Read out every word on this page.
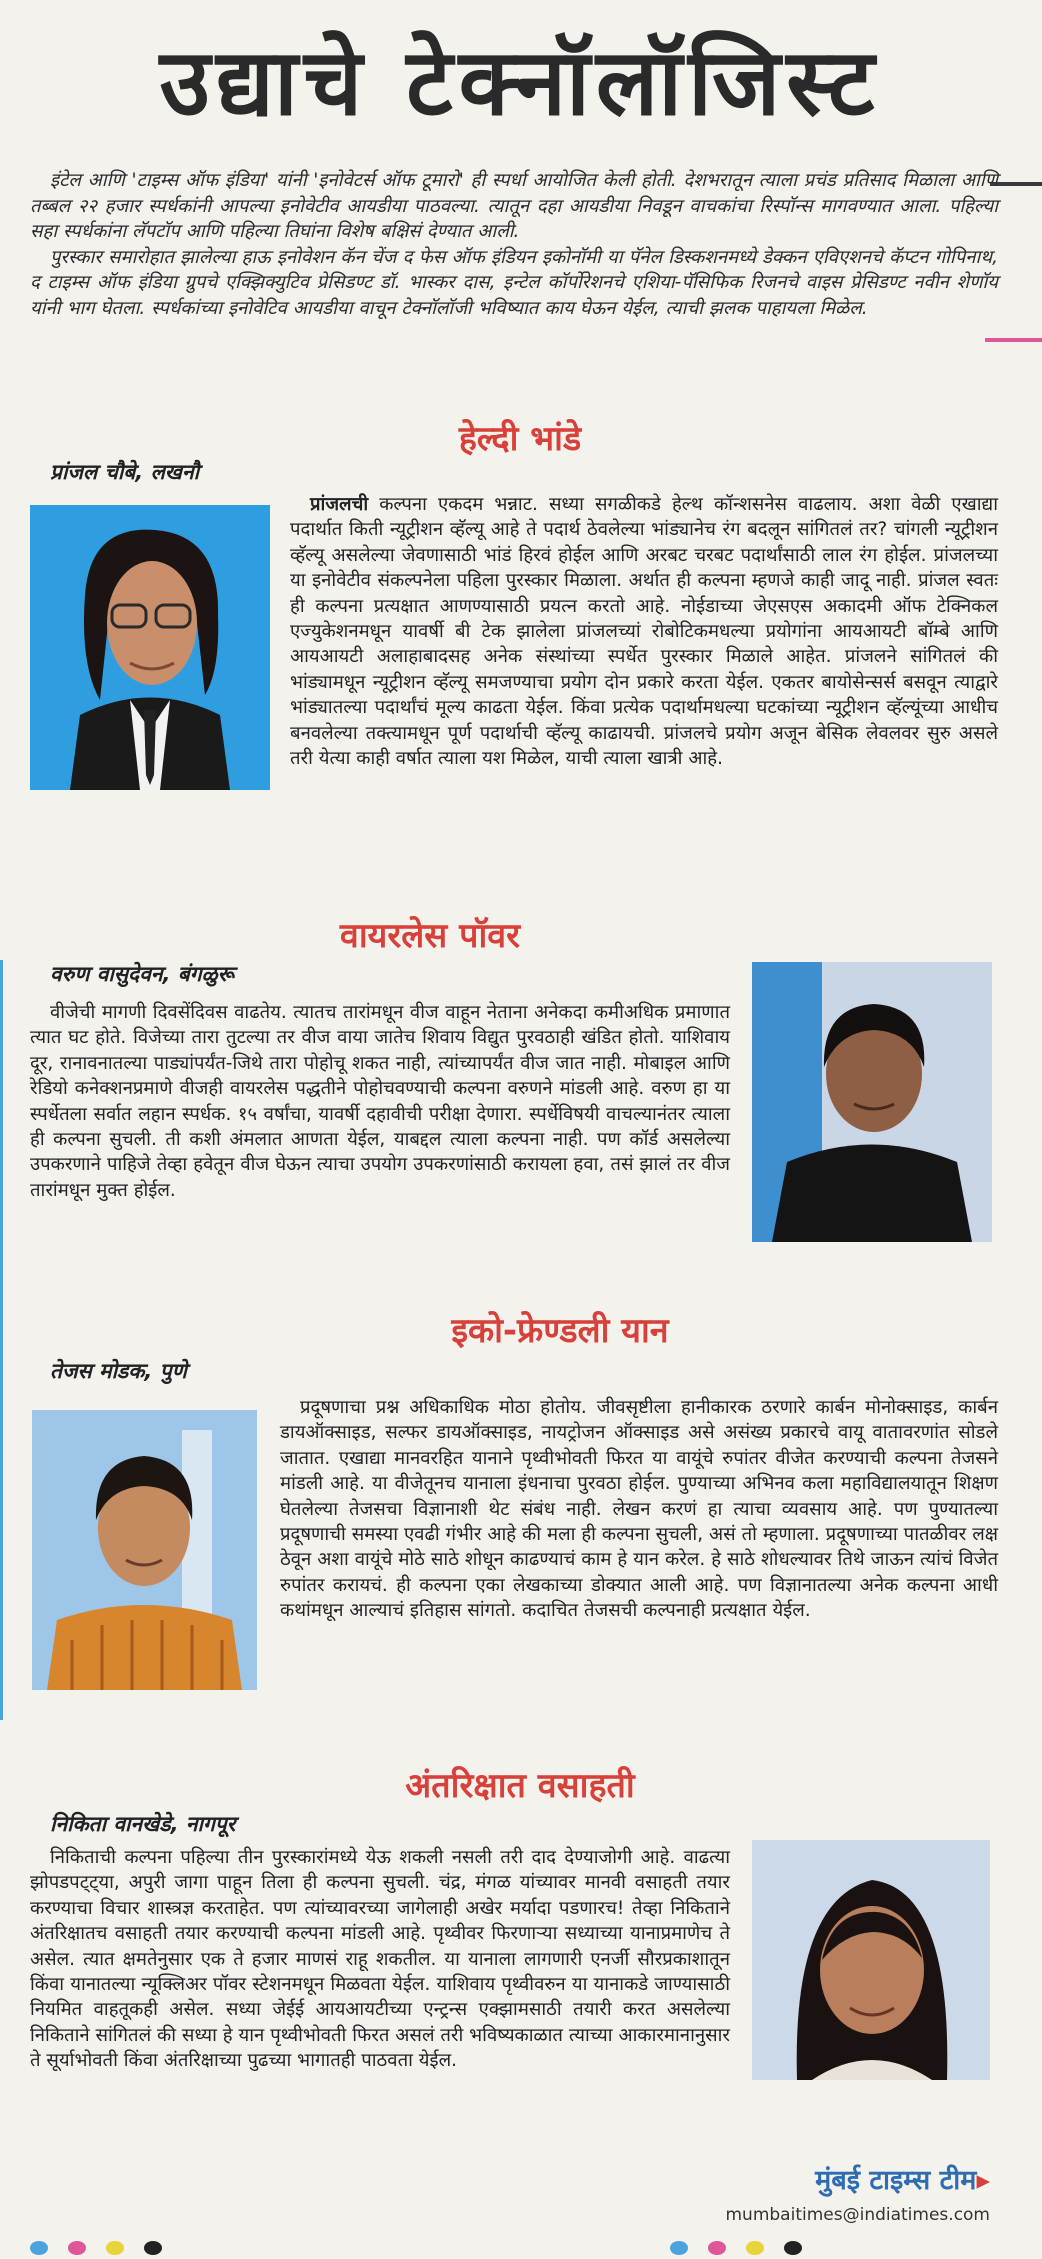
उद्याचे टेक्नॉलॉजिस्ट

इंटेल आणि 'टाइम्स ऑफ इंडिया' यांनी 'इनोवेटर्स ऑफ टूमारो' ही स्पर्धा आयोजित केली होती. देशभरातून त्याला प्रचंड प्रतिसाद मिळाला आणि तब्बल २२ हजार स्पर्धकांनी आपल्या इनोवेटीव आयडीया पाठवल्या. त्यातून दहा आयडीया निवडून वाचकांचा रिस्पॉन्स मागवण्यात आला. पहिल्या सहा स्पर्धकांना लॅपटॉप आणि पहिल्या तिघांना विशेष बक्षिसं देण्यात आली.

पुरस्कार समारोहात झालेल्या हाऊ इनोवेशन कॅन चेंज द फेस ऑफ इंडियन इकोनॉमी या पॅनेल डिस्कशनमध्ये डेक्कन एविएशनचे कॅप्टन गोपिनाथ, द टाइम्स ऑफ इंडिया ग्रुपचे एक्झिक्युटिव प्रेसिडण्ट डॉ. भास्कर दास, इन्टेल कॉर्पोरेशनचे एशिया-पॅसिफिक रिजनचे वाइस प्रेसिडण्ट नवीन शेणॉय यांनी भाग घेतला. स्पर्धकांच्या इनोवेटिव आयडीया वाचून टेक्नॉलॉजी भविष्यात काय घेऊन येईल, त्याची झलक पाहायला मिळेल.

हेल्दी भांडे
प्रांजल चौबे, लखनौ
प्रांजलची कल्पना एकदम भन्नाट. सध्या सगळीकडे हेल्थ कॉन्शसनेस वाढलाय. अशा वेळी एखाद्या पदार्थात किती न्यूट्रीशन व्हॅल्यू आहे ते पदार्थ ठेवलेल्या भांड्यानेच रंग बदलून सांगितलं तर? चांगली न्यूट्रीशन व्हॅल्यू असलेल्या जेवणासाठी भांडं हिरवं होईल आणि अरबट चरबट पदार्थांसाठी लाल रंग होईल. प्रांजलच्या या इनोवेटीव संकल्पनेला पहिला पुरस्कार मिळाला. अर्थात ही कल्पना म्हणजे काही जादू नाही. प्रांजल स्वतः ही कल्पना प्रत्यक्षात आणण्यासाठी प्रयत्न करतो आहे. नोईडाच्या जेएसएस अकादमी ऑफ टेक्निकल एज्युकेशनमधून यावर्षी बी टेक झालेला प्रांजलच्यां रोबोटिकमधल्या प्रयोगांना आयआयटी बॉम्बे आणि आयआयटी अलाहाबादसह अनेक संस्थांच्या स्पर्धेत पुरस्कार मिळाले आहेत. प्रांजलने सांगितलं की भांड्यामधून न्यूट्रीशन व्हॅल्यू समजण्याचा प्रयोग दोन प्रकारे करता येईल. एकतर बायोसेन्सर्स बसवून त्याद्वारे भांड्यातल्या पदार्थांचं मूल्य काढता येईल. किंवा प्रत्येक पदार्थामधल्या घटकांच्या न्यूट्रीशन व्हॅल्यूंच्या आधीच बनवलेल्या तक्त्यामधून पूर्ण पदार्थाची व्हॅल्यू काढायची. प्रांजलचे प्रयोग अजून बेसिक लेवलवर सुरु असले तरी येत्या काही वर्षात त्याला यश मिळेल, याची त्याला खात्री आहे.
वायरलेस पॉवर
वरुण वासुदेवन, बंगळुरू
वीजेची मागणी दिवसेंदिवस वाढतेय. त्यातच तारांमधून वीज वाहून नेताना अनेकदा कमीअधिक प्रमाणात त्यात घट होते. विजेच्या तारा तुटल्या तर वीज वाया जातेच शिवाय विद्युत पुरवठाही खंडित होतो. याशिवाय दूर, रानावनातल्या पाड्यांपर्यंत-जिथे तारा पोहोचू शकत नाही, त्यांच्यापर्यंत वीज जात नाही. मोबाइल आणि रेडियो कनेक्शनप्रमाणे वीजही वायरलेस पद्धतीने पोहोचवण्याची कल्पना वरुणने मांडली आहे. वरुण हा या स्पर्धेतला सर्वात लहान स्पर्धक. १५ वर्षांचा, यावर्षी दहावीची परीक्षा देणारा. स्पर्धेविषयी वाचल्यानंतर त्याला ही कल्पना सुचली. ती कशी अंमलात आणता येईल, याबद्दल त्याला कल्पना नाही. पण कॉर्ड असलेल्या उपकरणाने पाहिजे तेव्हा हवेतून वीज घेऊन त्याचा उपयोग उपकरणांसाठी करायला हवा, तसं झालं तर वीज तारांमधून मुक्त होईल.
इको-फ्रेण्डली यान
तेजस मोडक, पुणे
प्रदूषणाचा प्रश्न अधिकाधिक मोठा होतोय. जीवसृष्टीला हानीकारक ठरणारे कार्बन मोनोक्साइड, कार्बन डायऑक्साइड, सल्फर डायऑक्साइड, नायट्रोजन ऑक्साइड असे असंख्य प्रकारचे वायू वातावरणांत सोडले जातात. एखाद्या मानवरहित यानाने पृथ्वीभोवती फिरत या वायूंचे रुपांतर वीजेत करण्याची कल्पना तेजसने मांडली आहे. या वीजेतूनच यानाला इंधनाचा पुरवठा होईल. पुण्याच्या अभिनव कला महाविद्यालयातून शिक्षण घेतलेल्या तेजसचा विज्ञानाशी थेट संबंध नाही. लेखन करणं हा त्याचा व्यवसाय आहे. पण पुण्यातल्या प्रदूषणाची समस्या एवढी गंभीर आहे की मला ही कल्पना सुचली, असं तो म्हणाला. प्रदूषणाच्या पातळीवर लक्ष ठेवून अशा वायूंचे मोठे साठे शोधून काढण्याचं काम हे यान करेल. हे साठे शोधल्यावर तिथे जाऊन त्यांचं विजेत रुपांतर करायचं. ही कल्पना एका लेखकाच्या डोक्यात आली आहे. पण विज्ञानातल्या अनेक कल्पना आधी कथांमधून आल्याचं इतिहास सांगतो. कदाचित तेजसची कल्पनाही प्रत्यक्षात येईल.
अंतरिक्षात वसाहती
निकिता वानखेडे, नागपूर
निकिताची कल्पना पहिल्या तीन पुरस्कारांमध्ये येऊ शकली नसली तरी दाद देण्याजोगी आहे. वाढत्या झोपडपट्ट्या, अपुरी जागा पाहून तिला ही कल्पना सुचली. चंद्र, मंगळ यांच्यावर मानवी वसाहती तयार करण्याचा विचार शास्त्रज्ञ करताहेत. पण त्यांच्यावरच्या जागेलाही अखेर मर्यादा पडणारच! तेव्हा निकिताने अंतरिक्षातच वसाहती तयार करण्याची कल्पना मांडली आहे. पृथ्वीवर फिरणाऱ्या सध्याच्या यानाप्रमाणेच ते असेल. त्यात क्षमतेनुसार एक ते हजार माणसं राहू शकतील. या यानाला लागणारी एनर्जी सौरप्रकाशातून किंवा यानातल्या न्यूक्लिअर पॉवर स्टेशनमधून मिळवता येईल. याशिवाय पृथ्वीवरुन या यानाकडे जाण्यासाठी नियमित वाहतूकही असेल. सध्या जेईई आयआयटीच्या एन्ट्रन्स एक्झामसाठी तयारी करत असलेल्या निकिताने सांगितलं की सध्या हे यान पृथ्वीभोवती फिरत असलं तरी भविष्यकाळात त्याच्या आकारमानानुसार ते सूर्याभोवती किंवा अंतरिक्षाच्या पुढच्या भागातही पाठवता येईल.
मुंबई टाइम्स टीम▸
mumbaitimes@indiatimes.com
